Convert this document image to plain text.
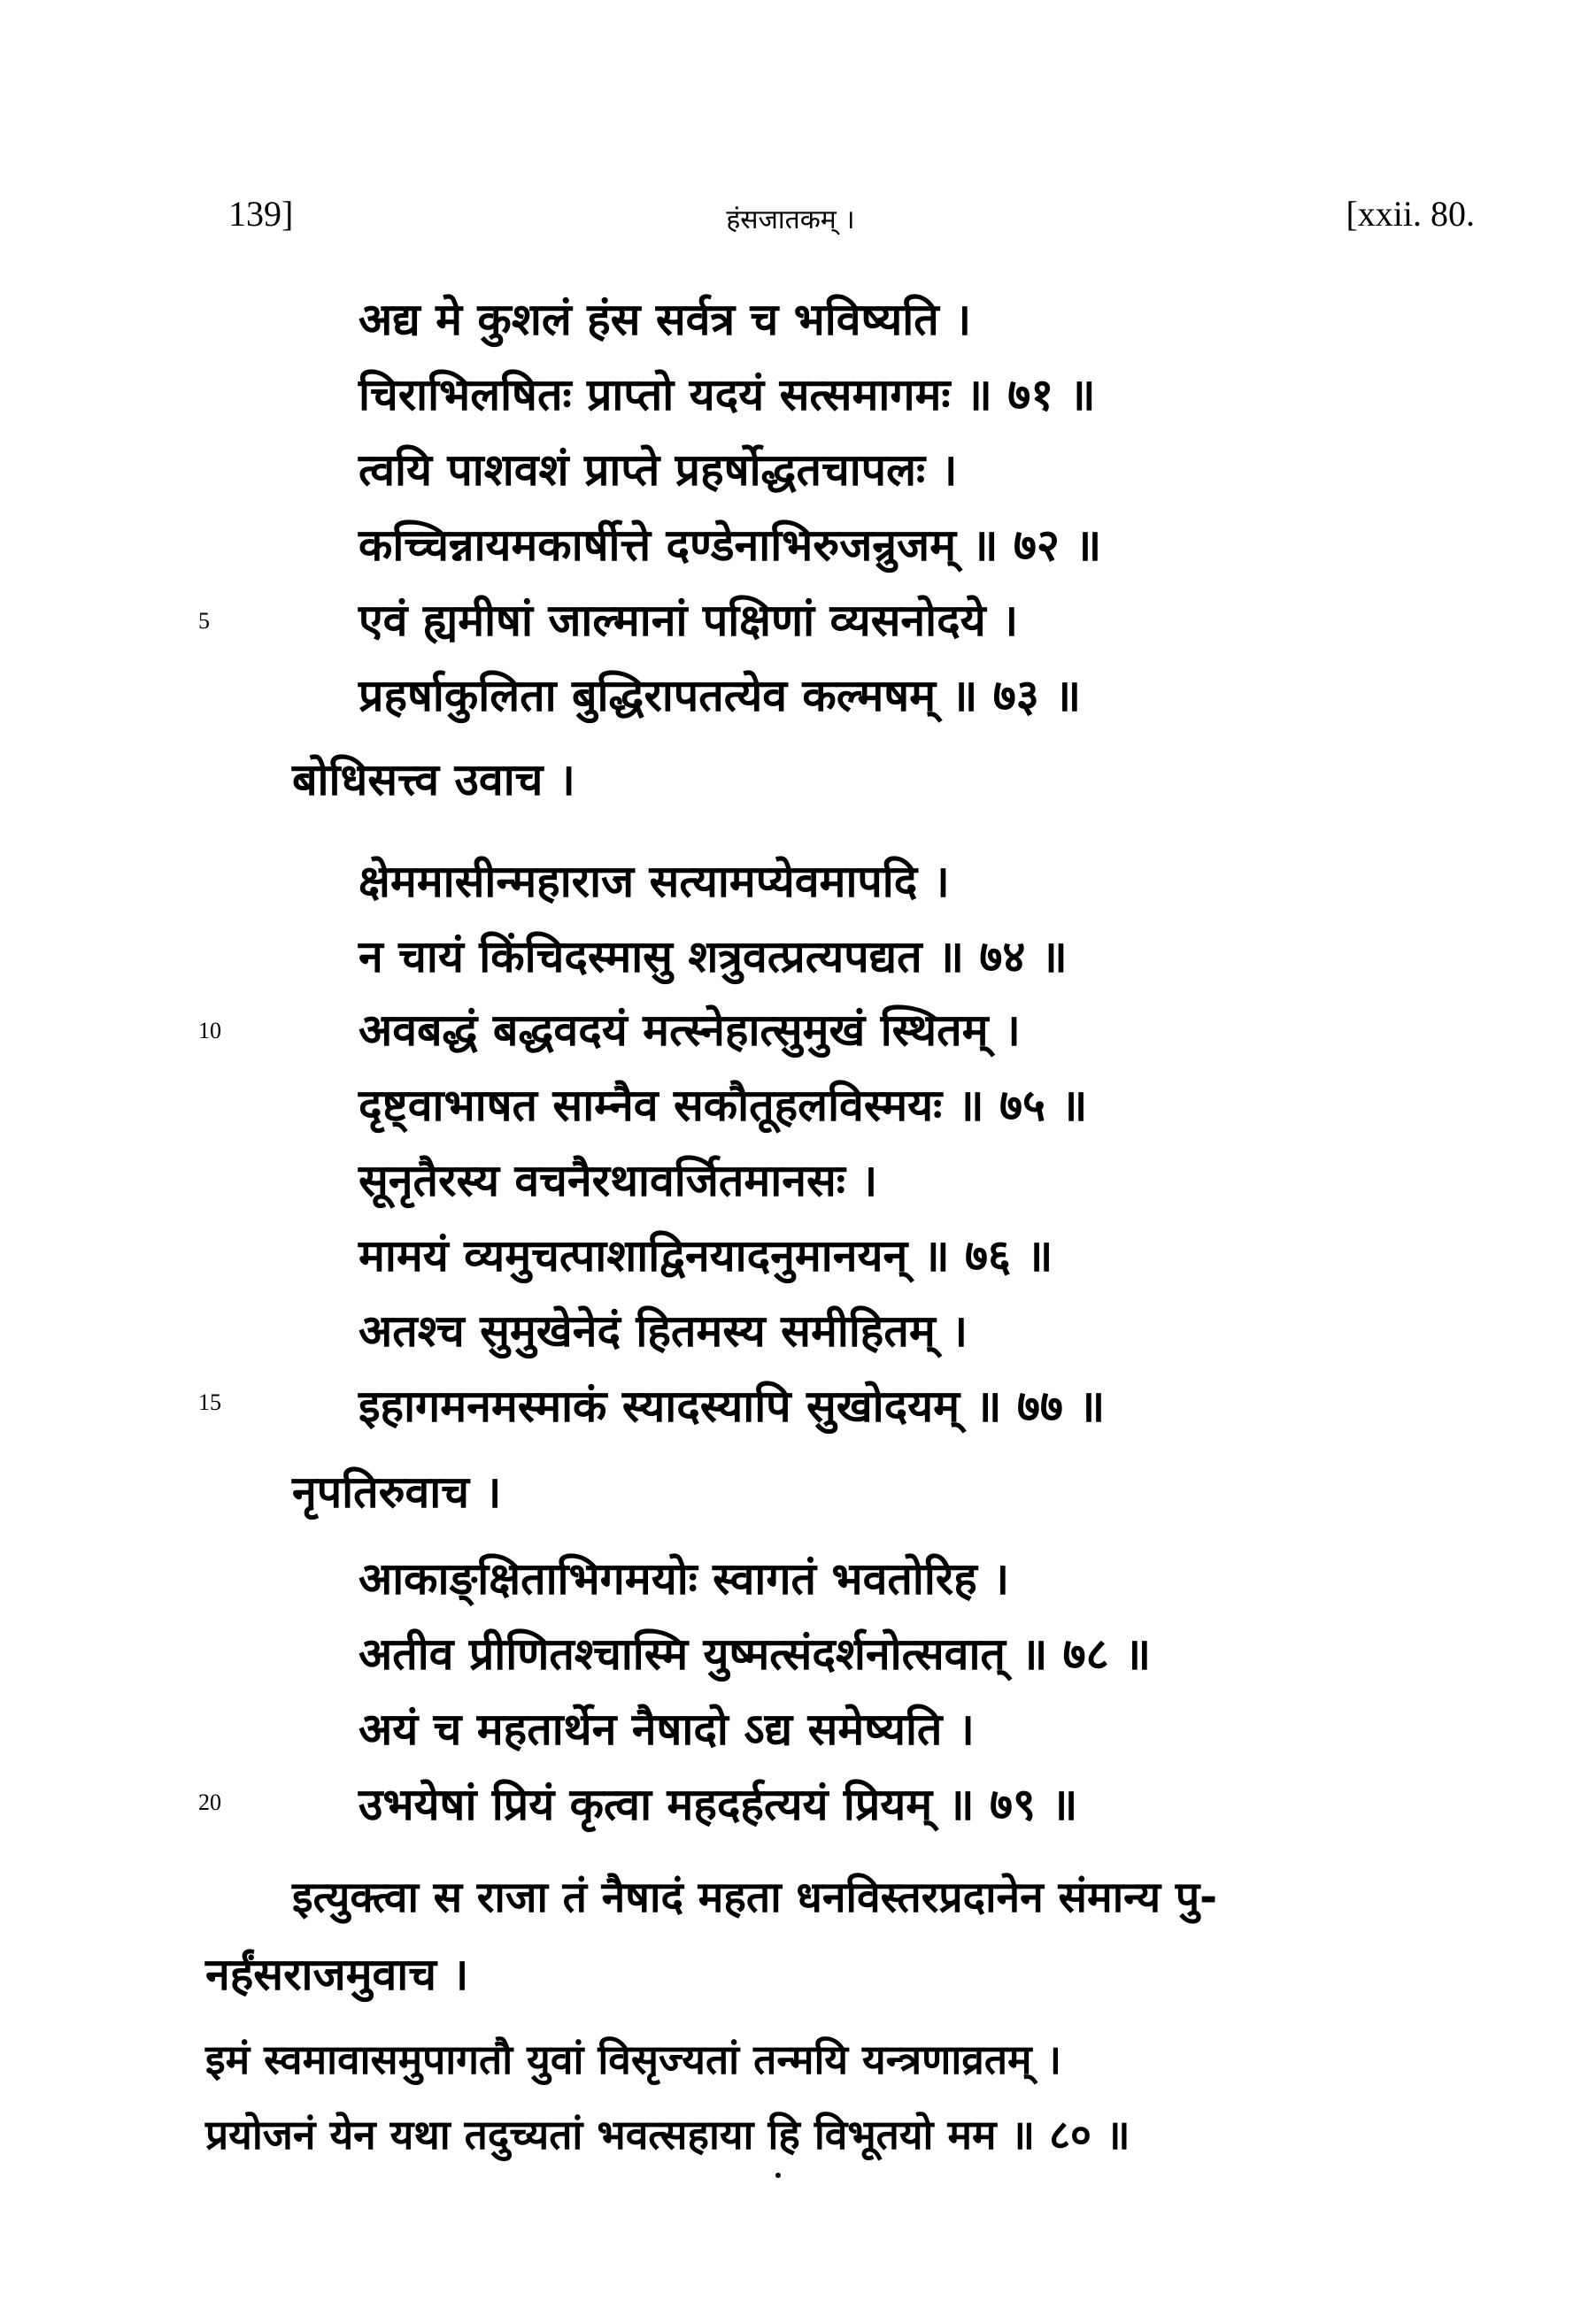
139]	हंसजातकम् ।	[xxii. 80.
अद्य मे कुशलं हंस सर्वत्र च भविष्यति ।
चिराभिलषितः प्राप्तो यदयं सत्समागमः ॥ ७१ ॥
त्वयि पाशवशं प्राप्ते प्रहर्षोद्धतचापलः ।
कच्चिन्नायमकार्षीत्ते दण्डेनाभिरुजन्रुजम् ॥ ७२ ॥
5	एवं ह्यमीषां जाल्मानां पक्षिणां व्यसनोदये ।
प्रहर्षाकुलिता बुद्धिरापतत्येव कल्मषम् ॥ ७३ ॥
बोधिसत्त्व उवाच ।
क्षेममासीन्महाराज सत्यामप्येवमापदि ।
न चायं किंचिदस्मासु शत्रुवत्प्रत्यपद्यत ॥ ७४ ॥
10	अवबद्धं बद्धवदयं मत्स्नेहात्सुमुखं स्थितम् ।
दृष्ट्वाभाषत साम्नैव सकौतूहलविस्मयः ॥ ७५ ॥
सूनृतैरस्य वचनैरथावर्जितमानसः ।
मामयं व्यमुचत्पाशाद्विनयादनुमानयन् ॥ ७६ ॥
अतश्च सुमुखेनेदं हितमस्य समीहितम् ।
15	इहागमनमस्माकं स्यादस्यापि सुखोदयम् ॥ ७७ ॥
नृपतिरुवाच ।
आकाङ्क्षिताभिगमयोः स्वागतं भवतोरिह ।
अतीव प्रीणितश्चास्मि युष्मत्संदर्शनोत्सवात् ॥ ७८ ॥
अयं च महतार्थेन नैषादो ऽद्य समेष्यति ।
20	उभयेषां प्रियं कृत्वा महदर्हत्ययं प्रियम् ॥ ७९ ॥
इत्युक्त्वा स राजा तं नैषादं महता धनविस्तरप्रदानेन संमान्य पु-
नर्हंसराजमुवाच ।
इमं स्वमावासमुपागतौ युवां विसृज्यतां तन्मयि यन्त्रणाव्रतम् ।
प्रयोजनं येन यथा तदुच्यतां भवत्सहाया हि विभूतयो मम ॥ ८० ॥
